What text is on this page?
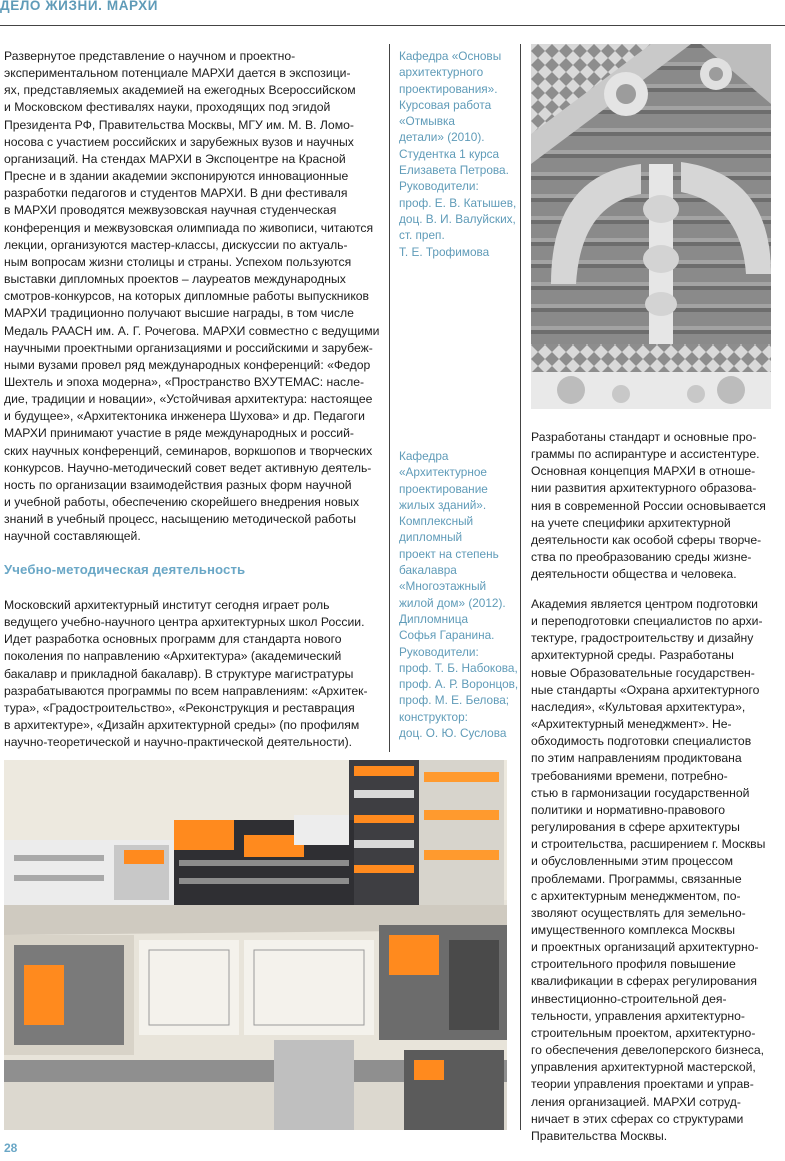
ДЕЛО ЖИЗНИ. МАРХИ

Развернутое представление о научном и проектно-
экспериментальном потенциале МАРХИ дается в экспозици-
ях, представляемых академией на ежегодных Всероссийском
и Московском фестивалях науки, проходящих под эгидой
Президента РФ, Правительства Москвы, МГУ им. М. В. Ломо-
носова с участием российских и зарубежных вузов и научных
организаций. На стендах МАРХИ в Экспоцентре на Красной
Пресне и в здании академии экспонируются инновационные
разработки педагогов и студентов МАРХИ. В дни фестиваля
в МАРХИ проводятся межвузовская научная студенческая
конференция и межвузовская олимпиада по живописи, читаются
лекции, организуются мастер-классы, дискуссии по актуаль-
ным вопросам жизни столицы и страны. Успехом пользуются
выставки дипломных проектов – лауреатов международных
смотров-конкурсов, на которых дипломные работы выпускников
МАРХИ традиционно получают высшие награды, в том числе
Медаль РААСН им. А. Г. Рочегова. МАРХИ совместно с ведущими
научными проектными организациями и российскими и зарубеж-
ными вузами провел ряд международных конференций: «Федор
Шехтель и эпоха модерна», «Пространство ВХУТЕМАС: насле-
дие, традиции и новации», «Устойчивая архитектура: настоящее
и будущее», «Архитектоника инженера Шухова» и др. Педагоги
МАРХИ принимают участие в ряде международных и россий-
ских научных конференций, семинаров, воркшопов и творческих
конкурсов. Научно-методический совет ведет активную деятель-
ность по организации взаимодействия разных форм научной
и учебной работы, обеспечению скорейшего внедрения новых
знаний в учебный процесс, насыщению методической работы
научной составляющей.

Учебно-методическая деятельность

Московский архитектурный институт сегодня играет роль
ведущего учебно-научного центра архитектурных школ России.
Идет разработка основных программ для стандарта нового
поколения по направлению «Архитектура» (академический
бакалавр и прикладной бакалавр). В структуре магистратуры
разрабатываются программы по всем направлениям: «Архитек-
тура», «Градостроительство», «Реконструкция и реставрация
в архитектуре», «Дизайн архитектурной среды» (по профилям
научно-теоретической и научно-практической деятельности).

Кафедра «Основы
архитектурного
проектирования».
Курсовая работа
«Отмывка
детали» (2010).
Студентка 1 курса
Елизавета Петрова.
Руководители:
проф. Е. В. Катышев,
доц. В. И. Валуйских,
ст. преп.
Т. Е. Трофимова

Кафедра
«Архитектурное
проектирование
жилых зданий».
Комплексный
дипломный
проект на степень
бакалавра
«Многоэтажный
жилой дом» (2012).
Дипломница
Софья Гаранина.
Руководители:
проф. Т. Б. Набокова,
проф. А. Р. Воронцов,
проф. М. Е. Белова;
конструктор:
доц. О. Ю. Суслова

Разработаны стандарт и основные про-
граммы по аспирантуре и ассистентуре.
Основная концепция МАРХИ в отноше-
нии развития архитектурного образова-
ния в современной России основывается
на учете специфики архитектурной
деятельности как особой сферы творче-
ства по преобразованию среды жизне-
деятельности общества и человека.

Академия является центром подготовки
и переподготовки специалистов по архи-
тектуре, градостроительству и дизайну
архитектурной среды. Разработаны
новые Образовательные государствен-
ные стандарты «Охрана архитектурного
наследия», «Культовая архитектура»,
«Архитектурный менеджмент». Не-
обходимость подготовки специалистов
по этим направлениям продиктована
требованиями времени, потребно-
стью в гармонизации государственной
политики и нормативно-правового
регулирования в сфере архитектуры
и строительства, расширением г. Москвы
и обусловленными этим процессом
проблемами. Программы, связанные
с архитектурным менеджментом, по-
зволяют осуществлять для земельно-
имущественного комплекса Москвы
и проектных организаций архитектурно-
строительного профиля повышение
квалификации в сферах регулирования
инвестиционно-строительной дея-
тельности, управления архитектурно-
строительным проектом, архитектурно-
го обеспечения девелоперского бизнеса,
управления архитектурной мастерской,
теории управления проектами и управ-
ления организацией. МАРХИ сотруд-
ничает в этих сферах со структурами
Правительства Москвы.

28
